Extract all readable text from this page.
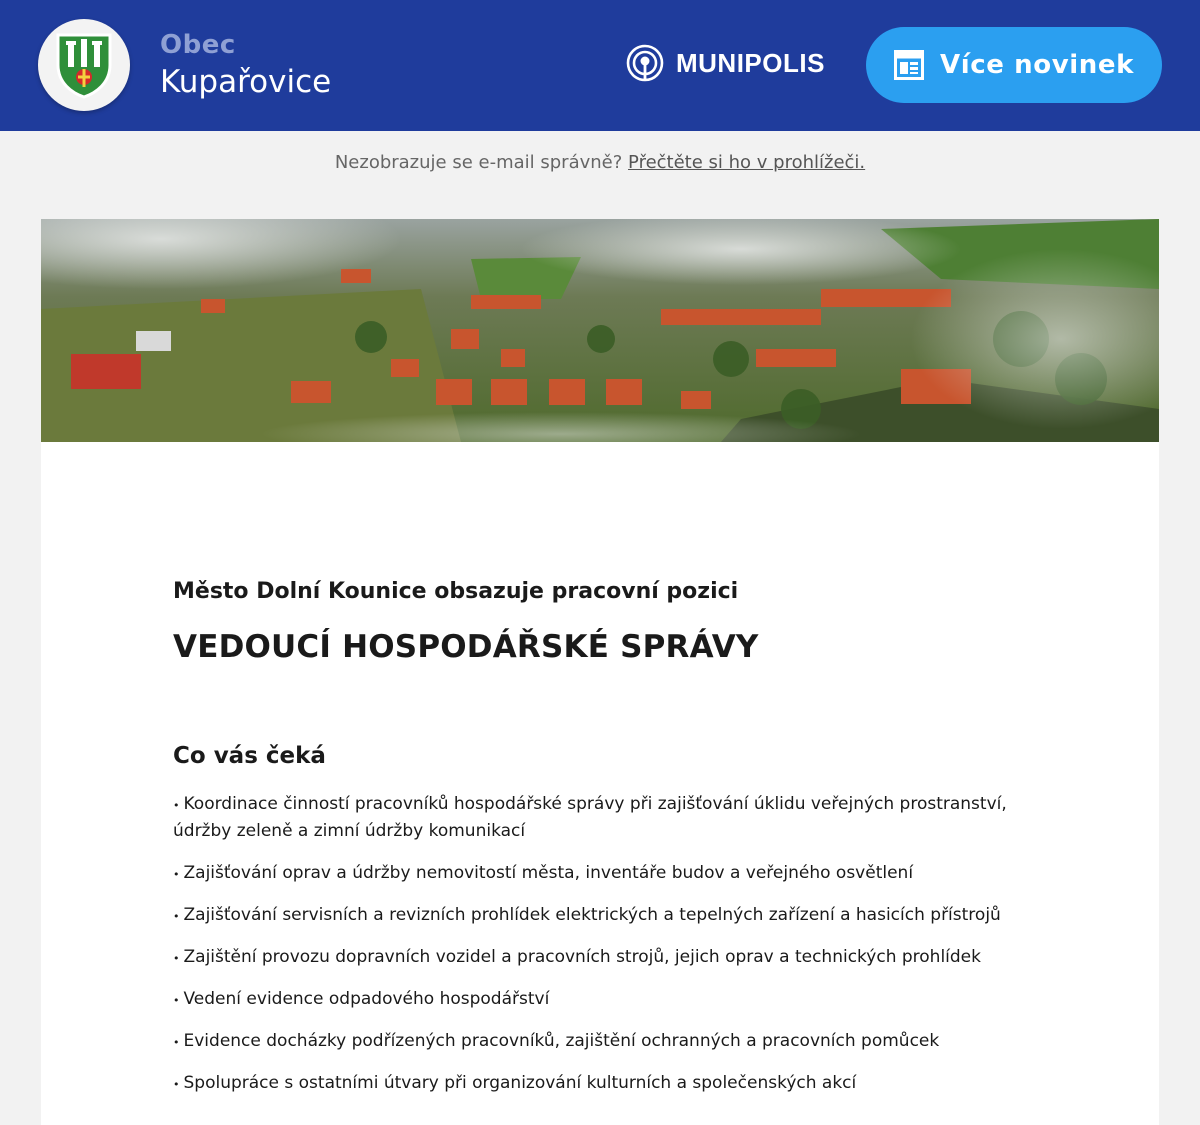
Obec
Kupařovice
MUNIPOLIS	Více novinek
Nezobrazuje se e-mail správně? Přečtěte si ho v prohlížeči.
Město Dolní Kounice obsazuje pracovní pozici
VEDOUCÍ HOSPODÁŘSKÉ SPRÁVY
Co vás čeká
• Koordinace činností pracovníků hospodářské správy při zajišťování úklidu veřejných prostranství, údržby zeleně a zimní údržby komunikací
• Zajišťování oprav a údržby nemovitostí města, inventáře budov a veřejného osvětlení
• Zajišťování servisních a revizních prohlídek elektrických a tepelných zařízení a hasicích přístrojů
• Zajištění provozu dopravních vozidel a pracovních strojů, jejich oprav a technických prohlídek
• Vedení evidence odpadového hospodářství
• Evidence docházky podřízených pracovníků, zajištění ochranných a pracovních pomůcek
• Spolupráce s ostatními útvary při organizování kulturních a společenských akcí
